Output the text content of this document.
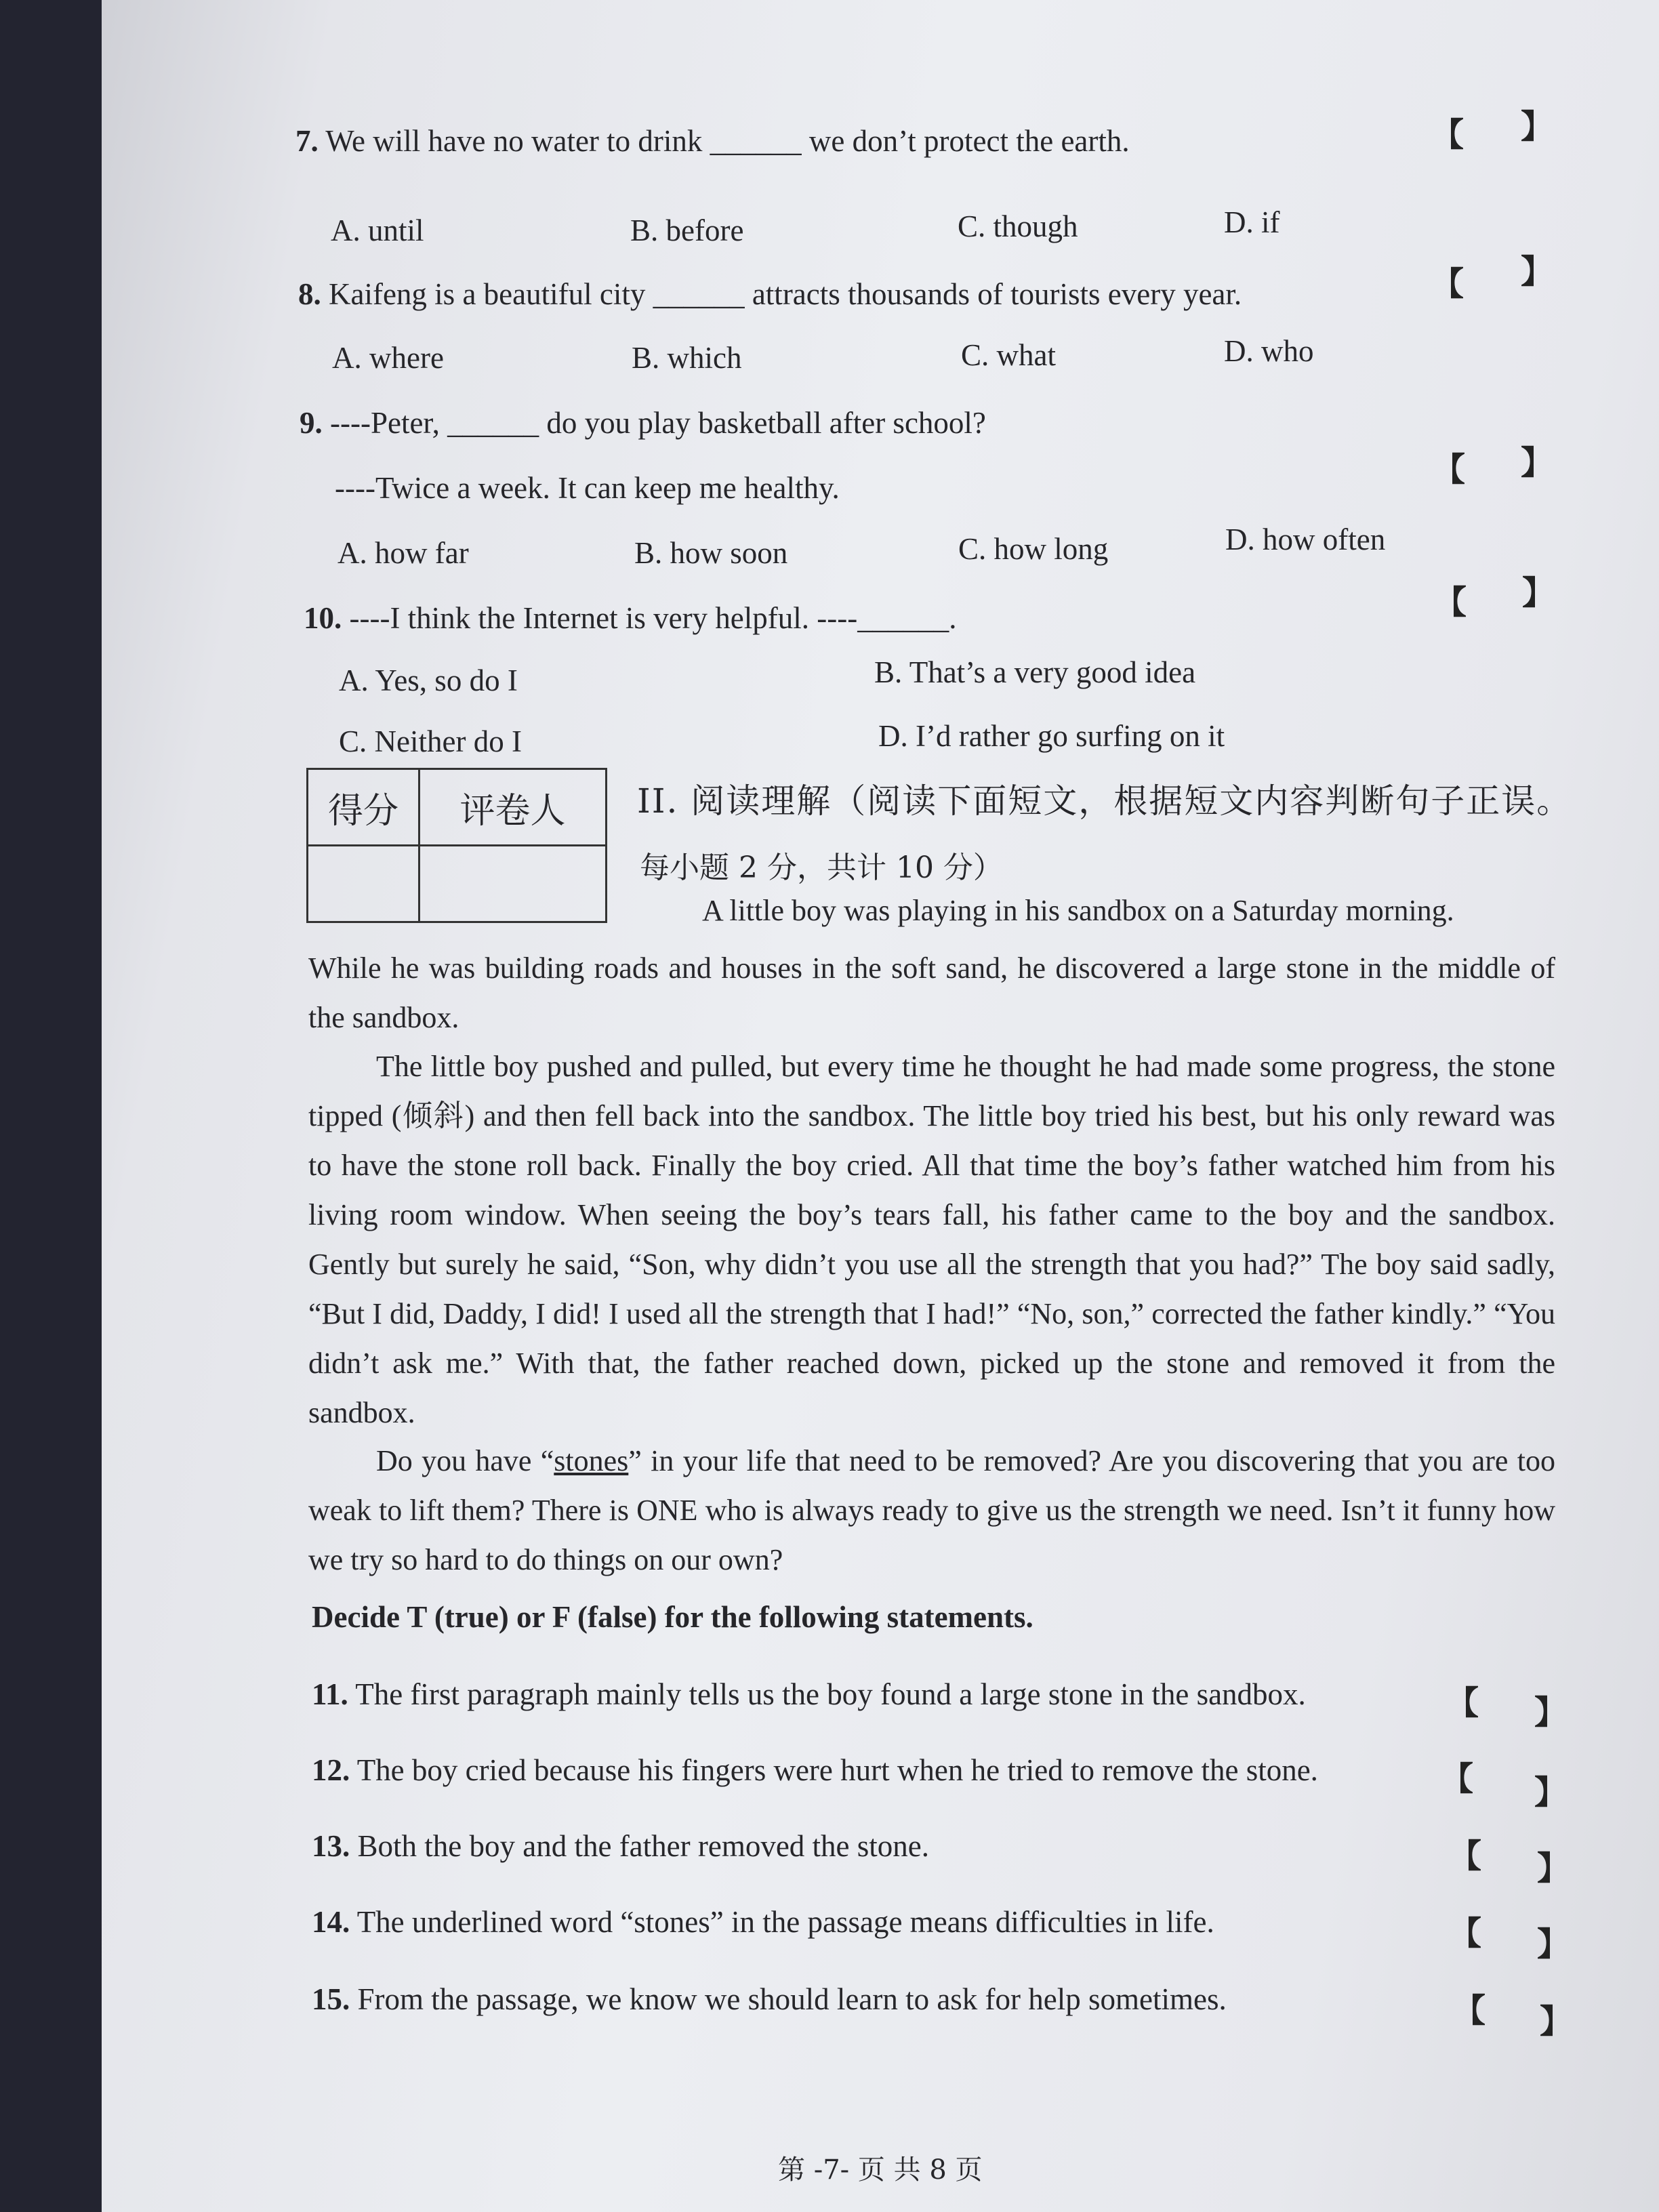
7. We will have no water to drink ______ we don’t protect the earth.	【 】
A. until	B. before	C. though	D. if
8. Kaifeng is a beautiful city ______ attracts thousands of tourists every year.	【 】
A. where	B. which	C. what	D. who
9. ----Peter, ______ do you play basketball after school?
----Twice a week. It can keep me healthy.	【 】
A. how far	B. how soon	C. how long	D. how often
10. ----I think the Internet is very helpful. ----______.	【 】
A. Yes, so do I	B. That’s a very good idea
C. Neither do I	D. I’d rather go surfing on it
得分	评卷人
	II. 阅读理解（阅读下面短文，根据短文内容判断句子正误。
每小题 2 分，共计 10 分）
A little boy was playing in his sandbox on a Saturday morning.

While he was building roads and houses in the soft sand, he discovered a large stone in the middle of the sandbox.

The little boy pushed and pulled, but every time he thought he had made some progress, the stone tipped (倾斜) and then fell back into the sandbox. The little boy tried his best, but his only reward was to have the stone roll back. Finally the boy cried. All that time the boy’s father watched him from his living room window. When seeing the boy’s tears fall, his father came to the boy and the sandbox. Gently but surely he said, “Son, why didn’t you use all the strength that you had?” The boy said sadly, “But I did, Daddy, I did! I used all the strength that I had!” “No, son,” corrected the father kindly.” “You didn’t ask me.” With that, the father reached down, picked up the stone and removed it from the sandbox.

Do you have “stones” in your life that need to be removed? Are you discovering that you are too weak to lift them? There is ONE who is always ready to give us the strength we need. Isn’t it funny how we try so hard to do things on our own?

Decide T (true) or F (false) for the following statements.
11. The first paragraph mainly tells us the boy found a large stone in the sandbox.	【 】
12. The boy cried because his fingers were hurt when he tried to remove the stone.	【 】
13. Both the boy and the father removed the stone.	【 】
14. The underlined word “stones” in the passage means difficulties in life.	【 】
15. From the passage, we know we should learn to ask for help sometimes.	【 】
第 -7- 页 共 8 页
